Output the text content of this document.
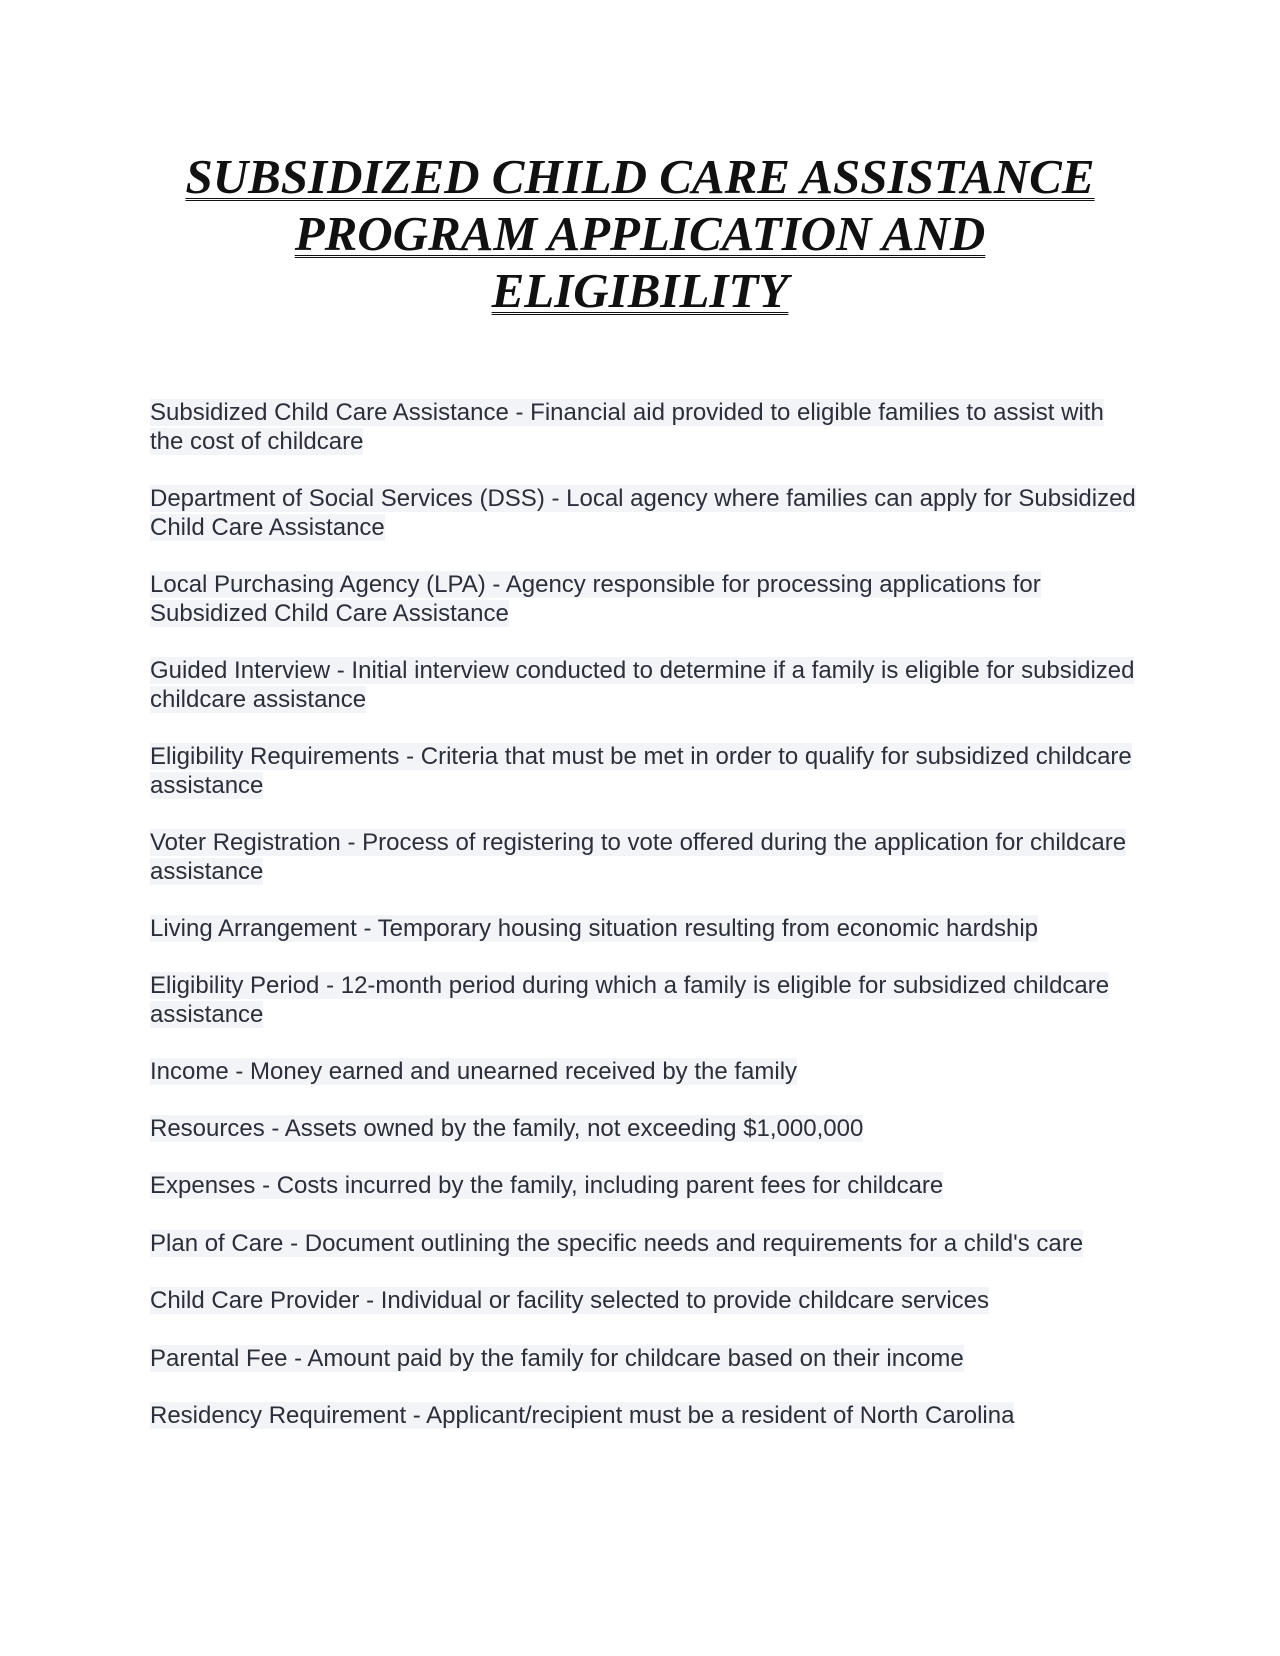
SUBSIDIZED CHILD CARE ASSISTANCE
PROGRAM APPLICATION AND
ELIGIBILITY
Subsidized Child Care Assistance - Financial aid provided to eligible families to assist with the cost of childcare
Department of Social Services (DSS) - Local agency where families can apply for Subsidized Child Care Assistance
Local Purchasing Agency (LPA) - Agency responsible for processing applications for Subsidized Child Care Assistance
Guided Interview - Initial interview conducted to determine if a family is eligible for subsidized childcare assistance
Eligibility Requirements - Criteria that must be met in order to qualify for subsidized childcare assistance
Voter Registration - Process of registering to vote offered during the application for childcare assistance
Living Arrangement - Temporary housing situation resulting from economic hardship
Eligibility Period - 12-month period during which a family is eligible for subsidized childcare assistance
Income - Money earned and unearned received by the family
Resources - Assets owned by the family, not exceeding $1,000,000
Expenses - Costs incurred by the family, including parent fees for childcare
Plan of Care - Document outlining the specific needs and requirements for a child's care
Child Care Provider - Individual or facility selected to provide childcare services
Parental Fee - Amount paid by the family for childcare based on their income
Residency Requirement - Applicant/recipient must be a resident of North Carolina
